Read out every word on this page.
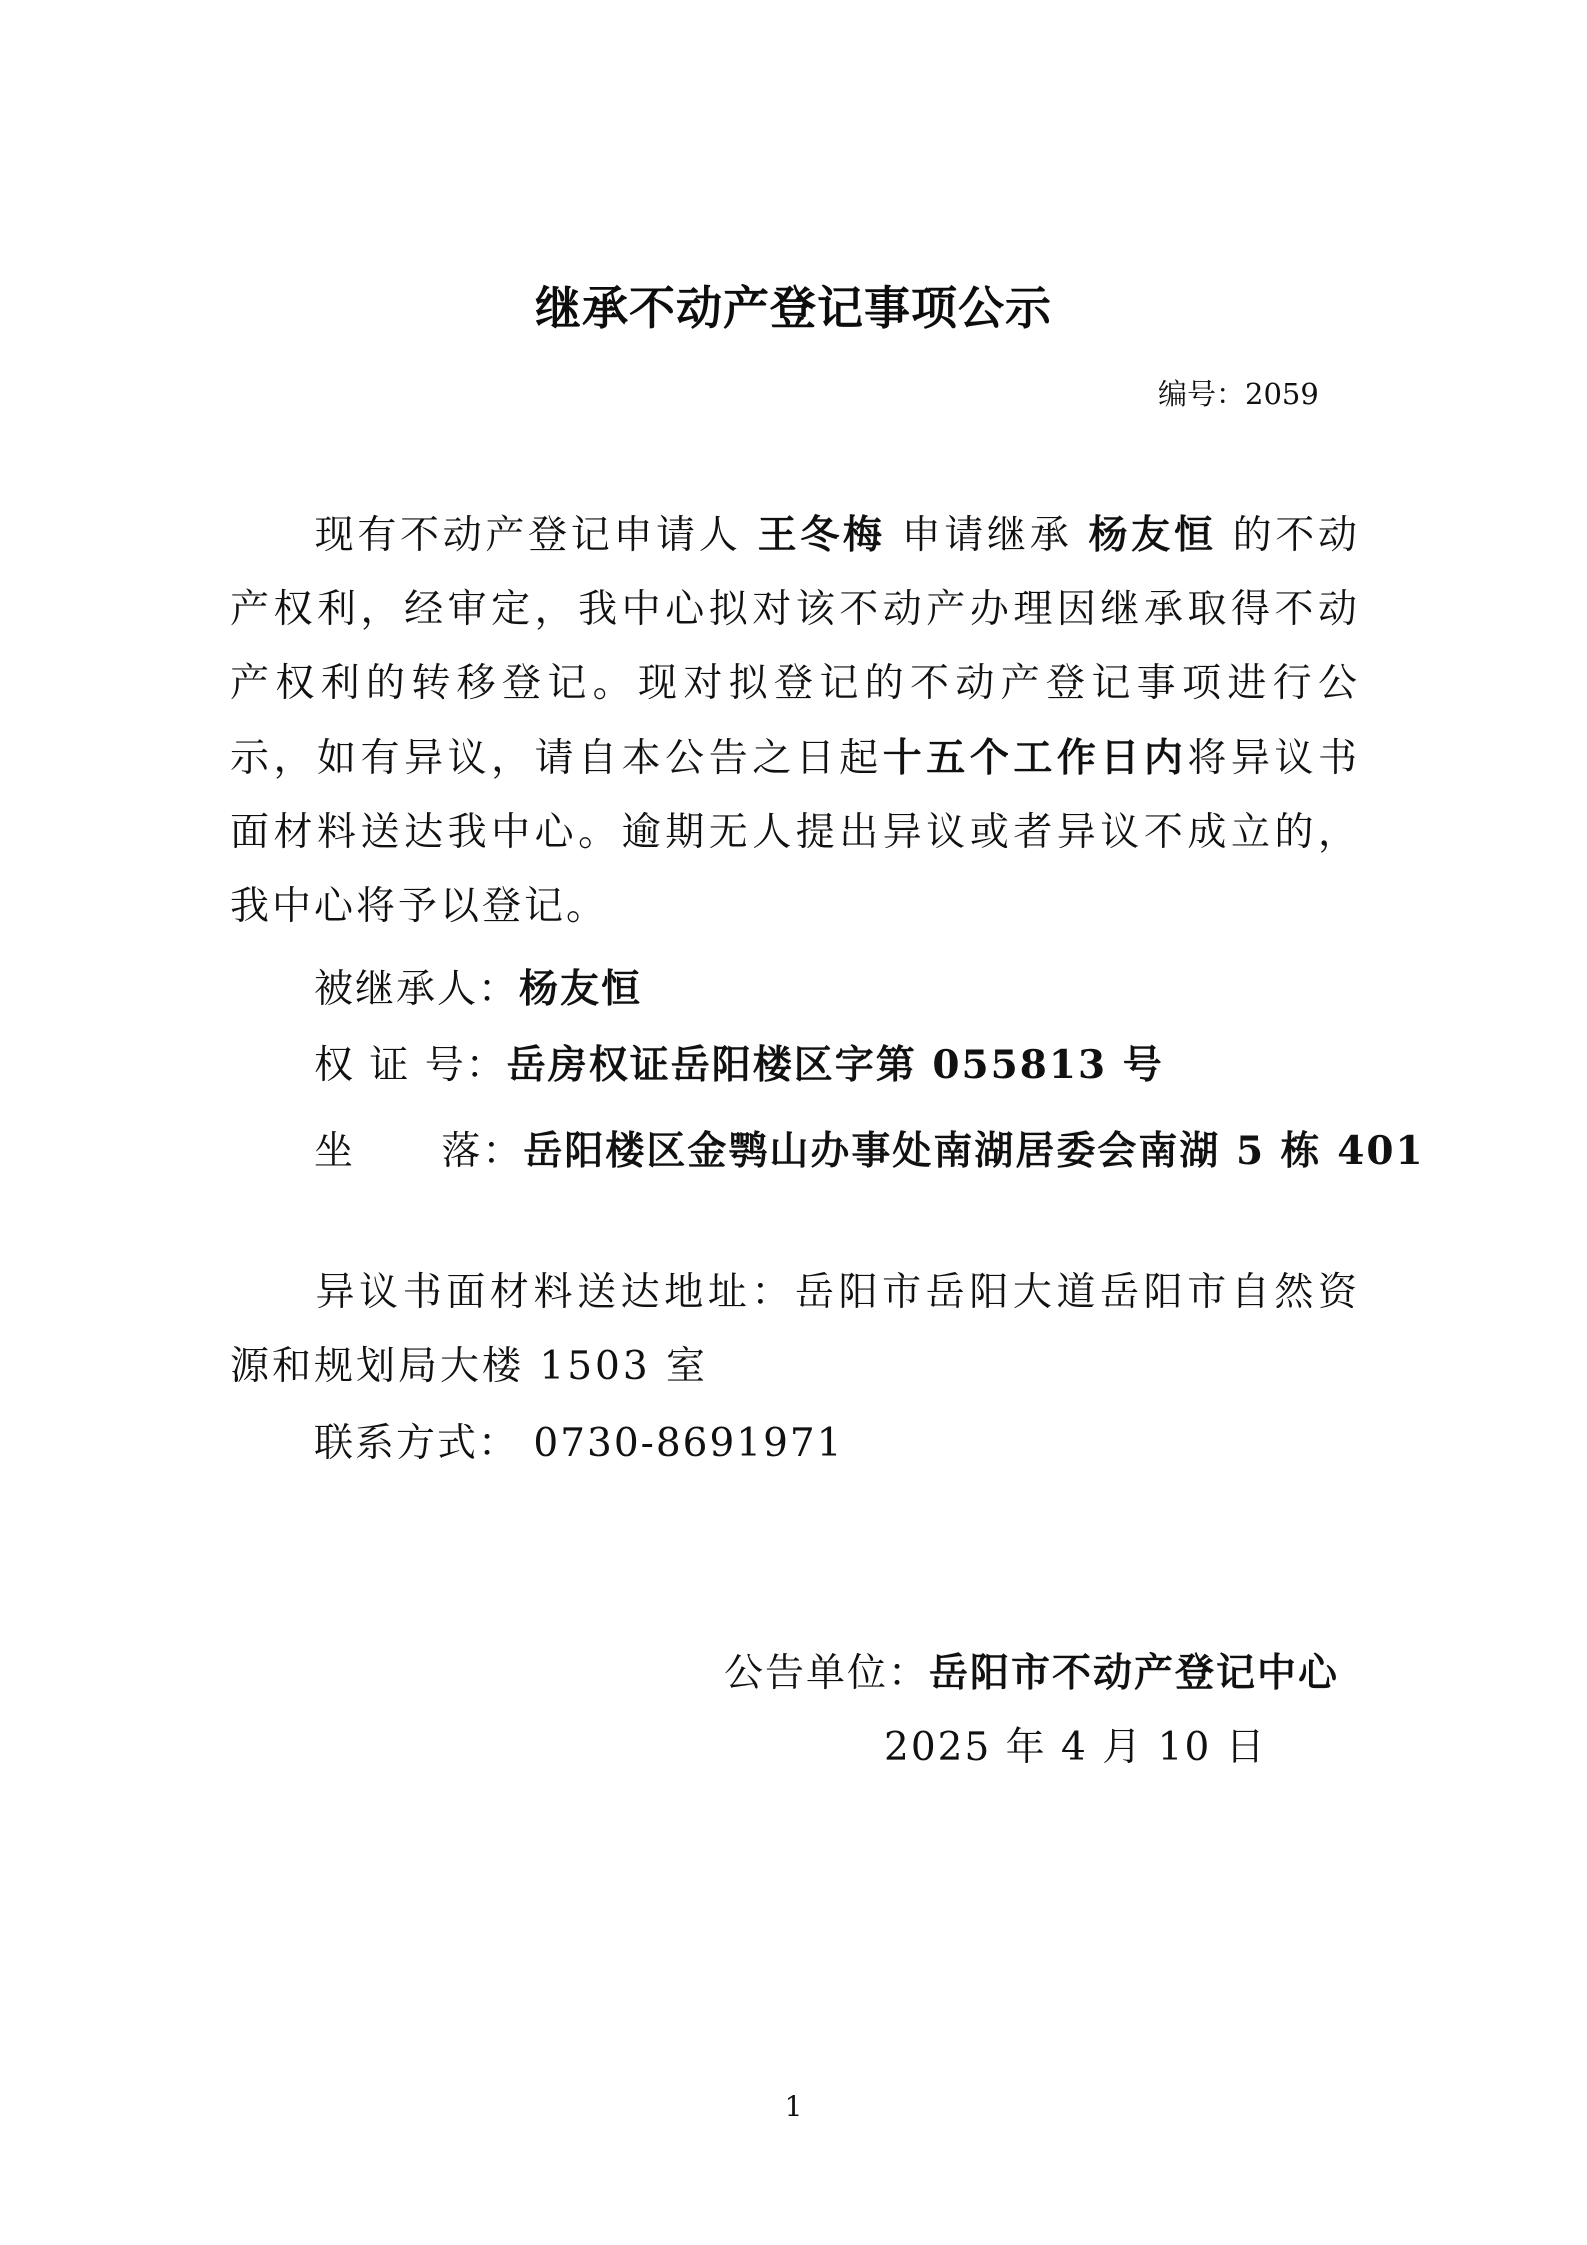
继承不动产登记事项公示
编号：2059
现有不动产登记申请人 王冬梅 申请继承 杨友恒 的不动产权利，经审定，我中心拟对该不动产办理因继承取得不动产权利的转移登记。现对拟登记的不动产登记事项进行公示，如有异议，请自本公告之日起十五个工作日内将异议书面材料送达我中心。逾期无人提出异议或者异议不成立的，我中心将予以登记。
被继承人：杨友恒
权 证 号：岳房权证岳阳楼区字第 055813 号
坐      落：岳阳楼区金鹗山办事处南湖居委会南湖 5 栋 401
异议书面材料送达地址：岳阳市岳阳大道岳阳市自然资源和规划局大楼 1503 室
联系方式： 0730-8691971
公告单位：岳阳市不动产登记中心
2025 年 4 月 10 日
1
